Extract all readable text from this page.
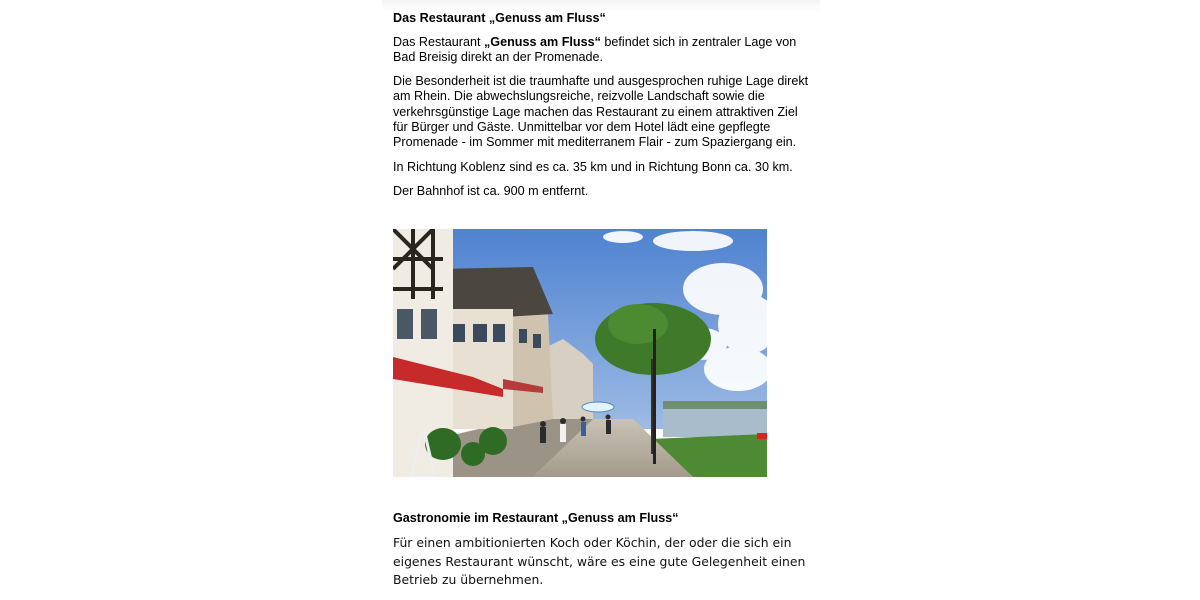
Das Restaurant „Genuss am Fluss“

Das Restaurant „Genuss am Fluss“ befindet sich in zentraler Lage von Bad Breisig direkt an der Promenade.

Die Besonderheit ist die traumhafte und ausgesprochen ruhige Lage direkt am Rhein. Die abwechslungsreiche, reizvolle Landschaft sowie die verkehrsgünstige Lage machen das Restaurant zu einem attraktiven Ziel für Bürger und Gäste. Unmittelbar vor dem Hotel lädt eine gepflegte Promenade - im Sommer mit mediterranem Flair - zum Spaziergang ein.

In Richtung Koblenz sind es ca. 35 km und in Richtung Bonn ca. 30 km.

Der Bahnhof ist ca. 900 m entfernt.

Gastronomie im Restaurant „Genuss am Fluss“
Für einen ambitionierten Koch oder Köchin, der oder die sich ein eigenes Restaurant wünscht, wäre es eine gute Gelegenheit einen Betrieb zu übernehmen.
